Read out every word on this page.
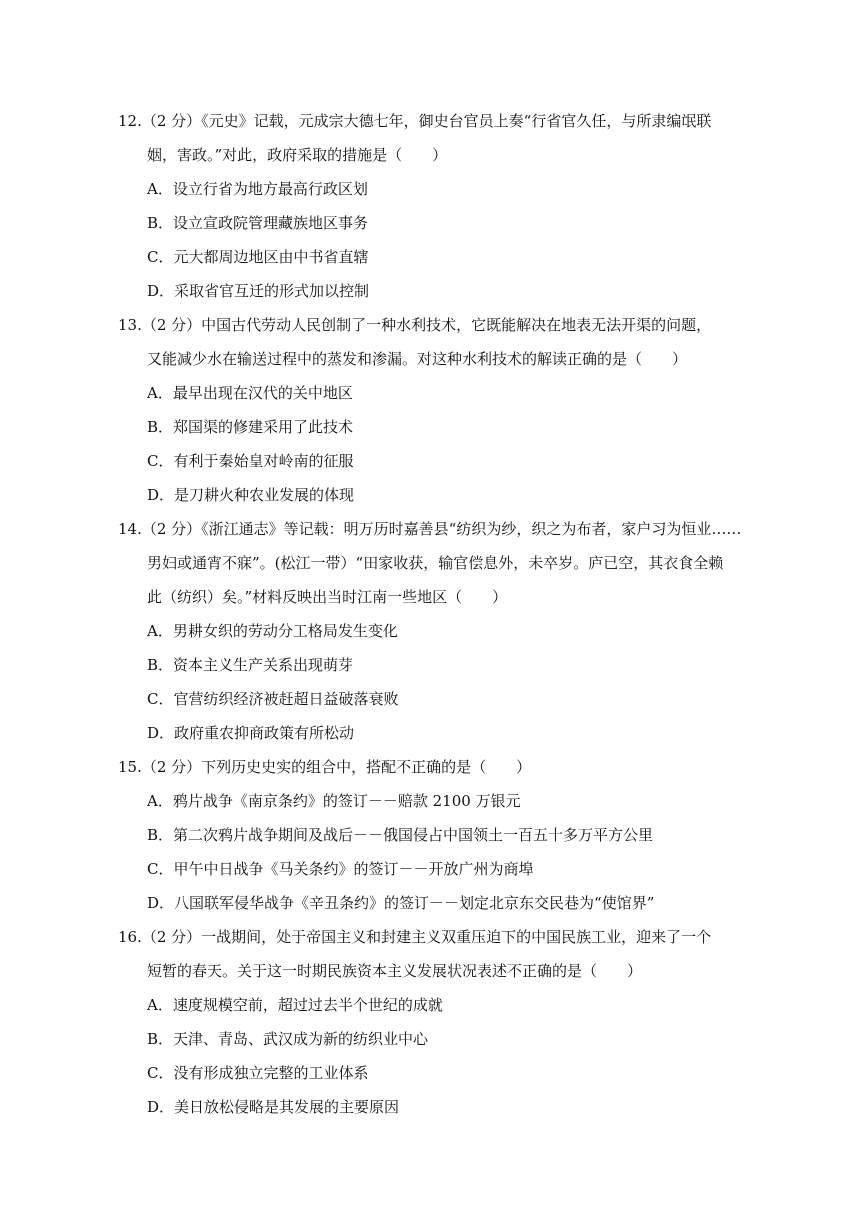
12.（2 分）《元史》记载，元成宗大德七年，御史台官员上奏“行省官久任，与所隶编氓联
姻，害政。”对此，政府采取的措施是（　　）
A．设立行省为地方最高行政区划
B．设立宣政院管理藏族地区事务
C．元大都周边地区由中书省直辖
D．采取省官互迁的形式加以控制
13.（2 分）中国古代劳动人民创制了一种水利技术，它既能解决在地表无法开渠的问题，
又能减少水在输送过程中的蒸发和渗漏。对这种水利技术的解读正确的是（　　）
A．最早出现在汉代的关中地区
B．郑国渠的修建采用了此技术
C．有利于秦始皇对岭南的征服
D．是刀耕火种农业发展的体现
14.（2 分）《浙江通志》等记载：明万历时嘉善县“纺织为纱，织之为布者，家户习为恒业……
男妇或通宵不寐”。(松江一带）“田家收获，输官偿息外，未卒岁。庐已空，其衣食全赖
此（纺织）矣。”材料反映出当时江南一些地区（　　）
A．男耕女织的劳动分工格局发生变化
B．资本主义生产关系出现萌芽
C．官营纺织经济被赶超日益破落衰败
D．政府重农抑商政策有所松动
15.（2 分）下列历史史实的组合中，搭配不正确的是（　　）
A．鸦片战争《南京条约》的签订－－赔款 2100 万银元
B．第二次鸦片战争期间及战后－－俄国侵占中国领土一百五十多万平方公里
C．甲午中日战争《马关条约》的签订－－开放广州为商埠
D．八国联军侵华战争《辛丑条约》的签订－－划定北京东交民巷为“使馆界”
16.（2 分）一战期间，处于帝国主义和封建主义双重压迫下的中国民族工业，迎来了一个
短暂的春天。关于这一时期民族资本主义发展状况表述不正确的是（　　）
A．速度规模空前，超过过去半个世纪的成就
B．天津、青岛、武汉成为新的纺织业中心
C．没有形成独立完整的工业体系
D．美日放松侵略是其发展的主要原因
